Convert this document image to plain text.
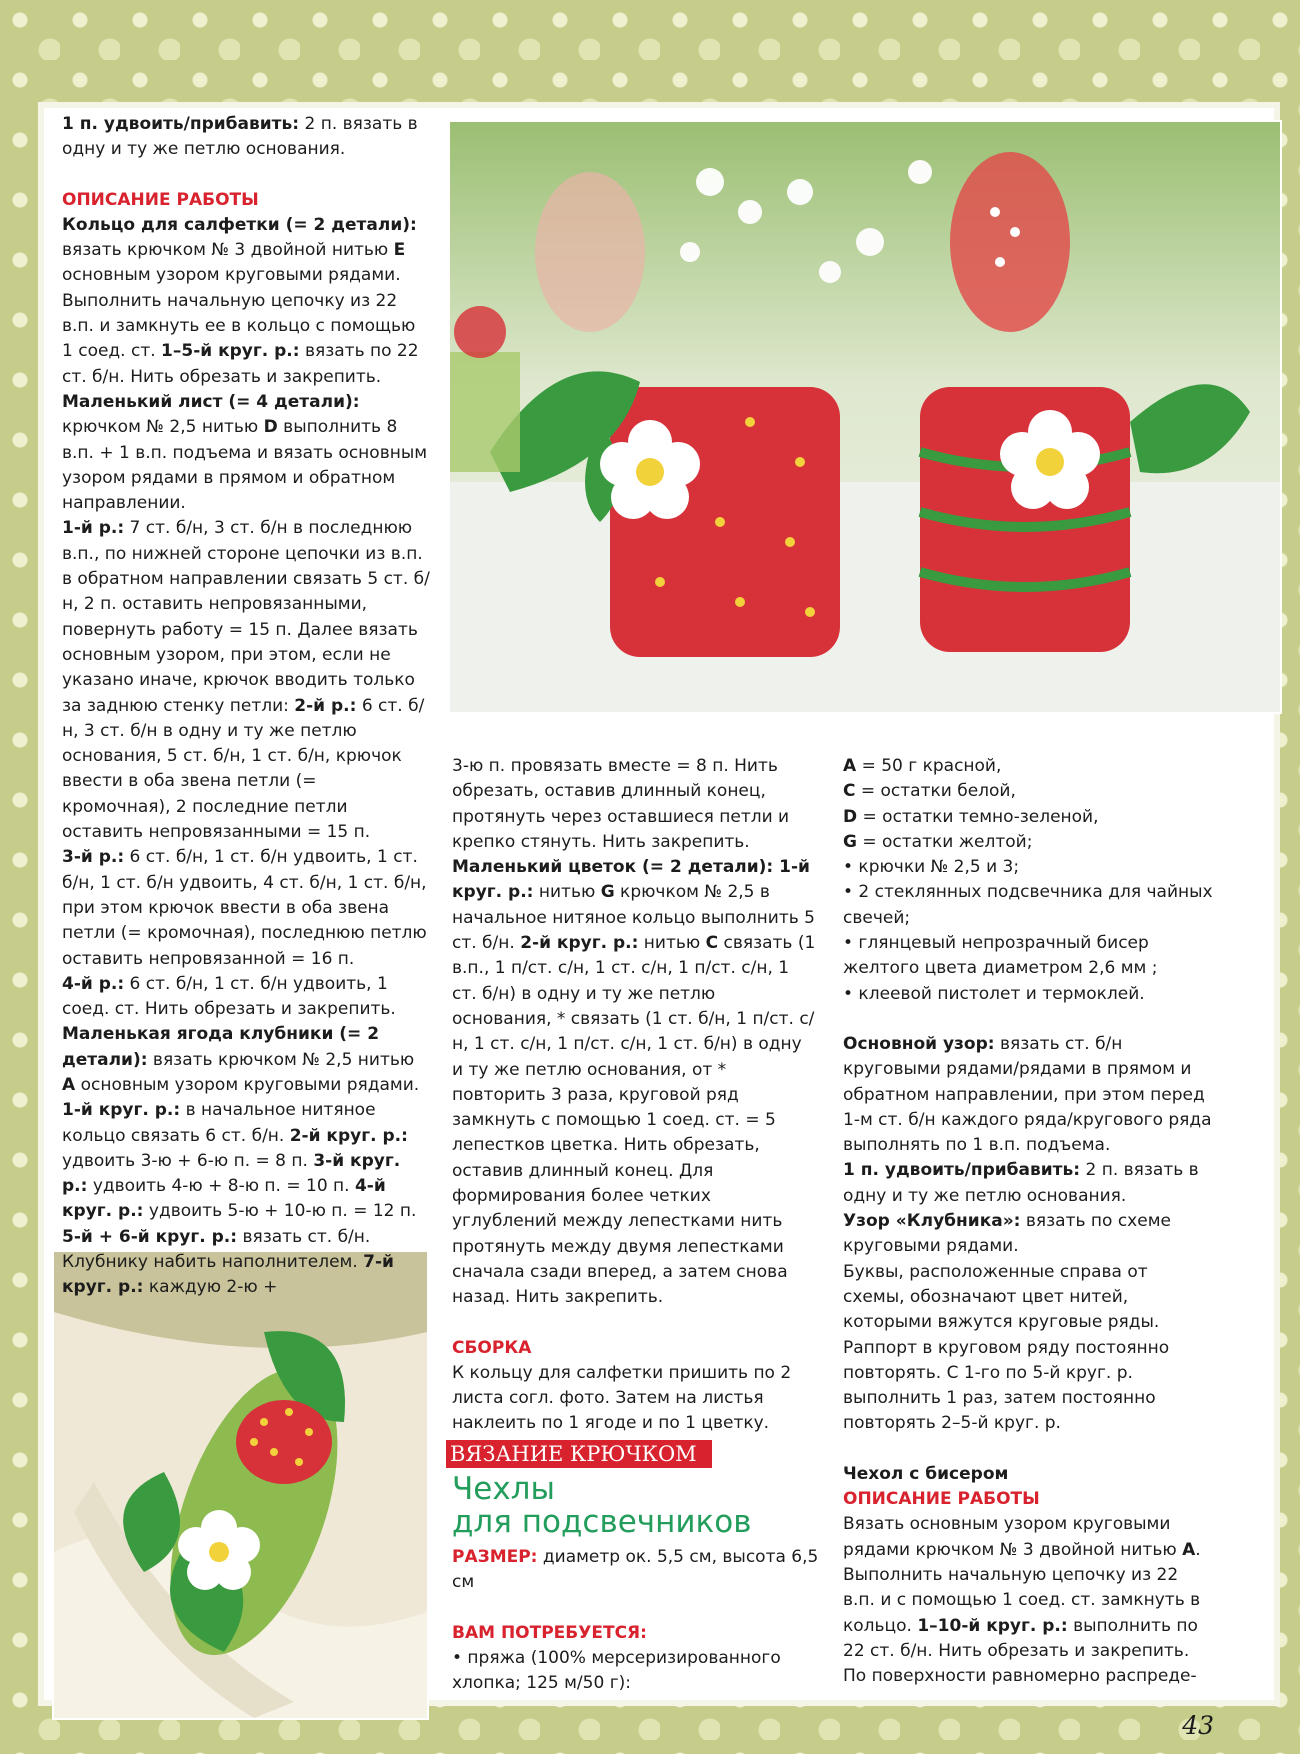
1 п. удвоить/прибавить: 2 п. вязать в одну и ту же петлю основания.

ОПИСАНИЕ РАБОТЫ

Кольцо для салфетки (= 2 детали): вязать крючком № 3 двойной нитью Е основным узором круговыми рядами. Выполнить начальную цепочку из 22 в.п. и замкнуть ее в кольцо с помощью 1 соед. ст. 1–5-й круг. р.: вязать по 22 ст. б/н. Нить обрезать и закрепить.

Маленький лист (= 4 детали): крючком № 2,5 нитью D выполнить 8 в.п. + 1 в.п. подъема и вязать основным узором рядами в прямом и обратном направлении.

1-й р.: 7 ст. б/н, 3 ст. б/н в последнюю в.п., по нижней стороне цепочки из в.п. в обратном направлении связать 5 ст. б/н, 2 п. оставить непровязанными, повернуть работу = 15 п. Далее вязать основным узором, при этом, если не указано иначе, крючок вводить только за заднюю стенку петли: 2-й р.: 6 ст. б/н, 3 ст. б/н в одну и ту же петлю основания, 5 ст. б/н, 1 ст. б/н, крючок ввести в оба звена петли (= кромочная), 2 последние петли оставить непровязанными = 15 п.

3-й р.: 6 ст. б/н, 1 ст. б/н удвоить, 1 ст. б/н, 1 ст. б/н удвоить, 4 ст. б/н, 1 ст. б/н, при этом крючок ввести в оба звена петли (= кромочная), последнюю петлю оставить непровязанной = 16 п.

4-й р.: 6 ст. б/н, 1 ст. б/н удвоить, 1 соед. ст. Нить обрезать и закрепить.

Маленькая ягода клубники (= 2 детали): вязать крючком № 2,5 нитью А основным узором круговыми рядами. 1-й круг. р.: в начальное нитяное кольцо связать 6 ст. б/н. 2-й круг. р.: удвоить 3-ю + 6-ю п. = 8 п. 3-й круг. р.: удвоить 4-ю + 8-ю п. = 10 п. 4-й круг. р.: удвоить 5-ю + 10-ю п. = 12 п. 5-й + 6-й круг. р.: вязать ст. б/н. Клубнику набить наполнителем. 7-й круг. р.: каждую 2-ю +

3-ю п. провязать вместе = 8 п. Нить обрезать, оставив длинный конец, протянуть через оставшиеся петли и крепко стянуть. Нить закрепить.

Маленький цветок (= 2 детали): 1-й круг. р.: нитью G крючком № 2,5 в начальное нитяное кольцо выполнить 5 ст. б/н. 2-й круг. р.: нитью С связать (1 в.п., 1 п/ст. с/н, 1 ст. с/н, 1 п/ст. с/н, 1 ст. б/н) в одну и ту же петлю основания, * связать (1 ст. б/н, 1 п/ст. с/н, 1 ст. с/н, 1 п/ст. с/н, 1 ст. б/н) в одну и ту же петлю основания, от * повторить 3 раза, круговой ряд замкнуть с помощью 1 соед. ст. = 5 лепестков цветка. Нить обрезать, оставив длинный конец. Для формирования более четких углублений между лепестками нить протянуть между двумя лепестками сначала сзади вперед, а затем снова назад. Нить закрепить.

СБОРКА

К кольцу для салфетки пришить по 2 листа согл. фото. Затем на листья наклеить по 1 ягоде и по 1 цветку.

ВЯЗАНИЕ КРЮЧКОМ
Чехлы
для подсвечников

РАЗМЕР: диаметр ок. 5,5 см, высота 6,5 см

ВАМ ПОТРЕБУЕТСЯ:

• пряжа (100% мерсеризированного хлопка; 125 м/50 г):

А = 50 г красной,

С = остатки белой,

D = остатки темно-зеленой,

G = остатки желтой;

• крючки № 2,5 и 3;

• 2 стеклянных подсвечника для чайных свечей;

• глянцевый непрозрачный бисер желтого цвета диаметром 2,6 мм ;

• клеевой пистолет и термоклей.

Основной узор: вязать ст. б/н круговыми рядами/рядами в прямом и обратном направлении, при этом перед 1-м ст. б/н каждого ряда/кругового ряда выполнять по 1 в.п. подъема.

1 п. удвоить/прибавить: 2 п. вязать в одну и ту же петлю основания.

Узор «Клубника»: вязать по схеме круговыми рядами.

Буквы, расположенные справа от схемы, обозначают цвет нитей, которыми вяжутся круговые ряды. Раппорт в круговом ряду постоянно повторять. С 1-го по 5-й круг. р. выполнить 1 раз, затем постоянно повторять 2–5-й круг. р.

Чехол с бисером

ОПИСАНИЕ РАБОТЫ

Вязать основным узором круговыми рядами крючком № 3 двойной нитью А. Выполнить начальную цепочку из 22 в.п. и с помощью 1 соед. ст. замкнуть в кольцо. 1–10-й круг. р.: выполнить по 22 ст. б/н. Нить обрезать и закрепить. По поверхности равномерно распреде-

43
